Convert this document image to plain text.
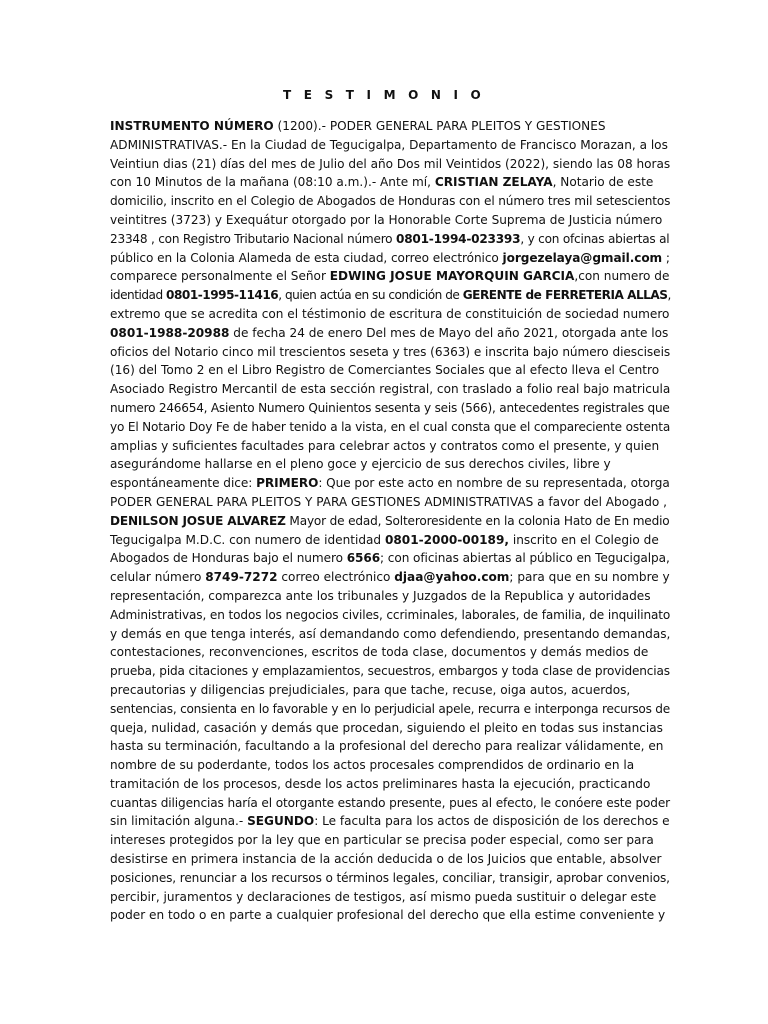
T E S T I M O N I O
INSTRUMENTO NÚMERO (1200).- PODER GENERAL PARA PLEITOS Y GESTIONES
ADMINISTRATIVAS.- En la Ciudad de Tegucigalpa, Departamento de Francisco Morazan, a los
Veintiun dias (21) días del mes de Julio del año Dos mil Veintidos (2022), siendo las 08 horas
con 10 Minutos de la mañana (08:10 a.m.).- Ante mí, CRISTIAN ZELAYA, Notario de este
domicilio, inscrito en el Colegio de Abogados de Honduras con el número tres mil setescientos
veintitres (3723) y Exequátur otorgado por la Honorable Corte Suprema de Justicia número
23348 , con Registro Tributario Nacional número 0801-1994-023393, y con ofcinas abiertas al
público en la Colonia Alameda de esta ciudad, correo electrónico jorgezelaya@gmail.com ;
comparece personalmente el Señor EDWING JOSUE MAYORQUIN GARCIA,con numero de
identidad 0801-1995-11416, quien actúa en su condición de GERENTE de FERRETERIA ALLAS,
extremo que se acredita con el téstimonio de escritura de constituición de sociedad numero
0801-1988-20988 de fecha 24 de enero Del mes de Mayo del año 2021, otorgada ante los
oficios del Notario cinco mil trescientos seseta y tres (6363) e inscrita bajo número diesciseis
(16) del Tomo 2 en el Libro Registro de Comerciantes Sociales que al efecto lleva el Centro
Asociado Registro Mercantil de esta sección registral, con traslado a folio real bajo matricula
numero 246654, Asiento Numero Quinientos sesenta y seis (566), antecedentes registrales que
yo El Notario Doy Fe de haber tenido a la vista, en el cual consta que el compareciente ostenta
amplias y suficientes facultades para celebrar actos y contratos como el presente, y quien
asegurándome hallarse en el pleno goce y ejercicio de sus derechos civiles, libre y
espontáneamente dice: PRIMERO: Que por este acto en nombre de su representada, otorga
PODER GENERAL PARA PLEITOS Y PARA GESTIONES ADMINISTRATIVAS a favor del Abogado ,
DENILSON JOSUE ALVAREZ Mayor de edad, Solteroresidente en la colonia Hato de En medio
Tegucigalpa M.D.C. con numero de identidad 0801-2000-00189, inscrito en el Colegio de
Abogados de Honduras bajo el numero 6566; con oficinas abiertas al público en Tegucigalpa,
celular número 8749-7272 correo electrónico djaa@yahoo.com; para que en su nombre y
representación, comparezca ante los tribunales y Juzgados de la Republica y autoridades
Administrativas, en todos los negocios civiles, ccriminales, laborales, de familia, de inquilinato
y demás en que tenga interés, así demandando como defendiendo, presentando demandas,
contestaciones, reconvenciones, escritos de toda clase, documentos y demás medios de
prueba, pida citaciones y emplazamientos, secuestros, embargos y toda clase de providencias
precautorias y diligencias prejudiciales, para que tache, recuse, oiga autos, acuerdos,
sentencias, consienta en lo favorable y en lo perjudicial apele, recurra e interponga recursos de
queja, nulidad, casación y demás que procedan, siguiendo el pleito en todas sus instancias
hasta su terminación, facultando a la profesional del derecho para realizar válidamente, en
nombre de su poderdante, todos los actos procesales comprendidos de ordinario en la
tramitación de los procesos, desde los actos preliminares hasta la ejecución, practicando
cuantas diligencias haría el otorgante estando presente, pues al efecto, le conóere este poder
sin limitación alguna.- SEGUNDO: Le faculta para los actos de disposición de los derechos e
intereses protegidos por la ley que en particular se precisa poder especial, como ser para
desistirse en primera instancia de la acción deducida o de los Juicios que entable, absolver
posiciones, renunciar a los recursos o términos legales, conciliar, transigir, aprobar convenios,
percibir, juramentos y declaraciones de testigos, así mismo pueda sustituir o delegar este
poder en todo o en parte a cualquier profesional del derecho que ella estime conveniente y
